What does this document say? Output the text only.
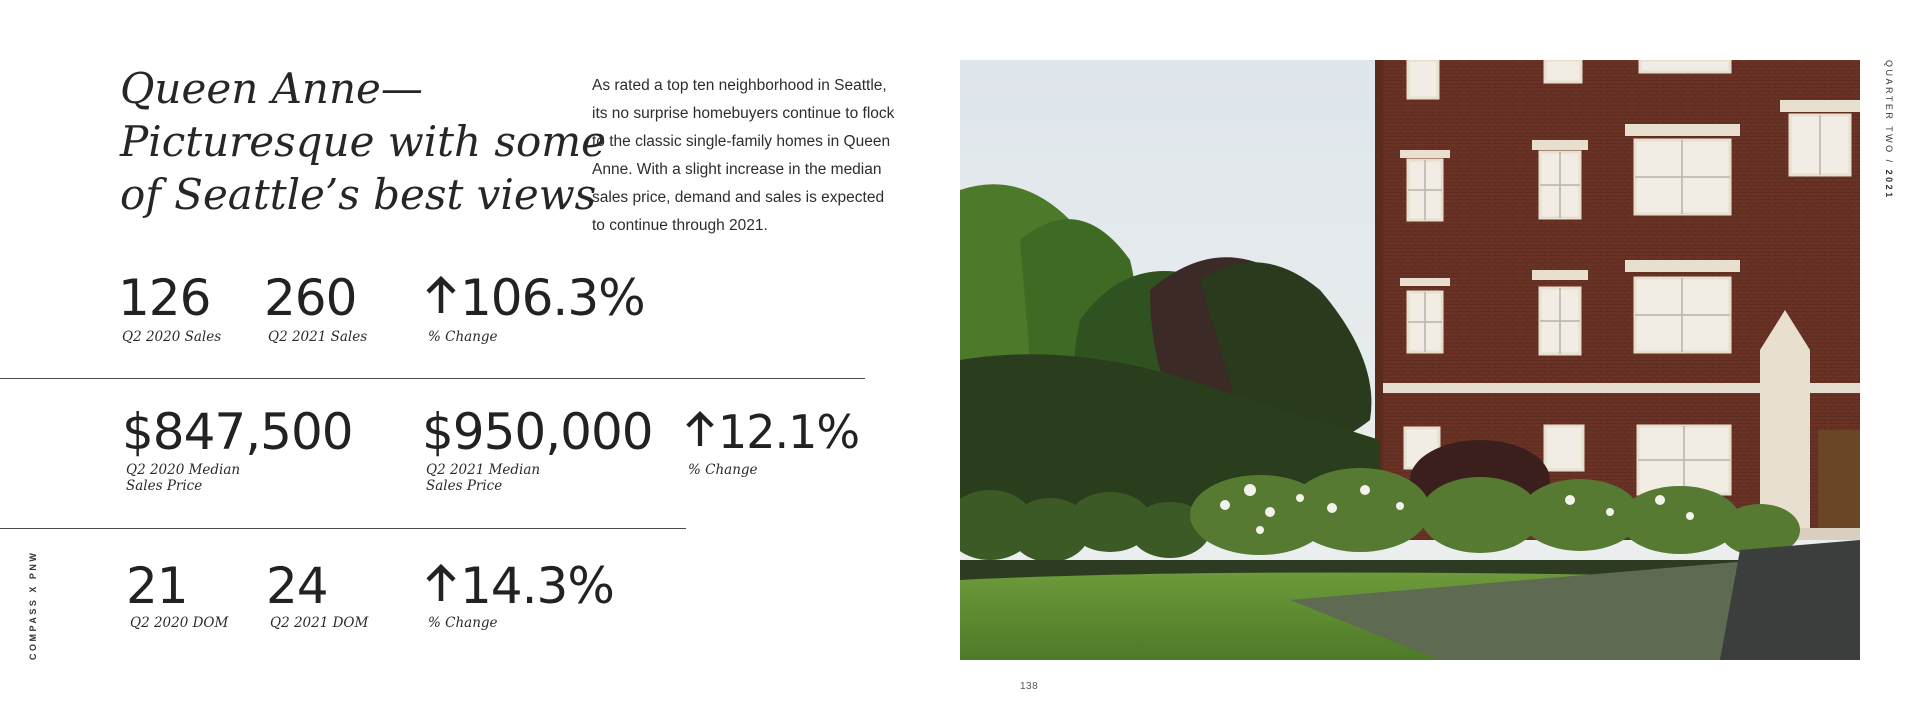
Queen Anne—
Picturesque with some
of Seattle’s best views
As rated a top ten neighborhood in Seattle,
its no surprise homebuyers continue to flock
to the classic single-family homes in Queen
Anne. With a slight increase in the median
sales price, demand and sales is expected
to continue through 2021.
126
Q2 2020 Sales
260
Q2 2021 Sales
106.3%
% Change
$847,500
Q2 2020 Median
Sales Price
$950,000
Q2 2021 Median
Sales Price
12.1%
% Change
21
Q2 2020 DOM
24
Q2 2021 DOM
14.3%
% Change
COMPASS X PNW
QUARTER TWO / 2021
138
